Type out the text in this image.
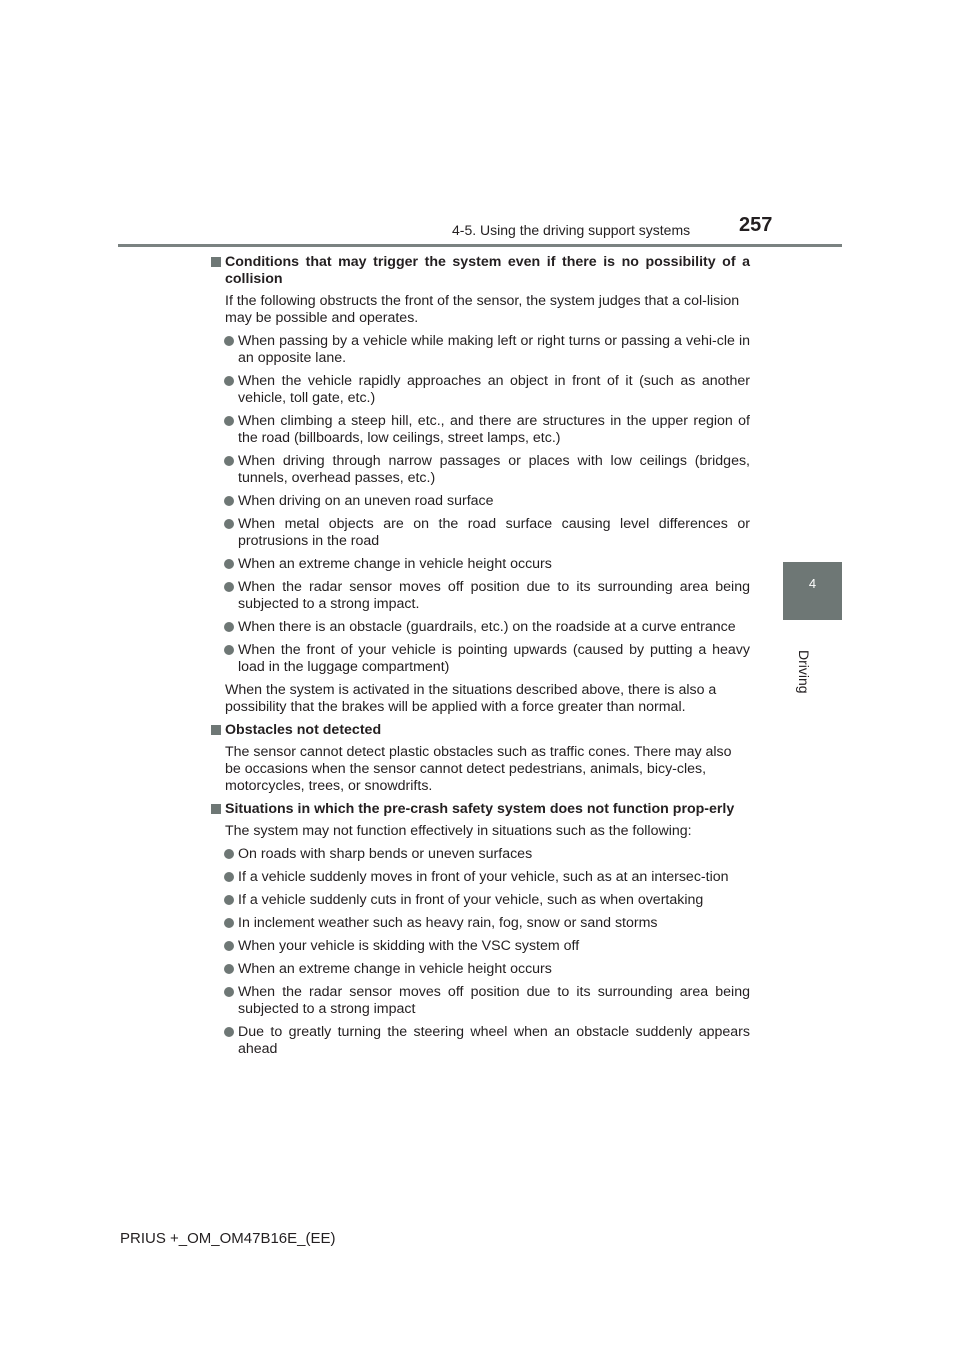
4-5. Using the driving support systems 257
4
Driving
Conditions that may trigger the system even if there is no possibility of a collision
If the following obstructs the front of the sensor, the system judges that a col-lision may be possible and operates.
When passing by a vehicle while making left or right turns or passing a vehi-cle in an opposite lane.
When the vehicle rapidly approaches an object in front of it (such as another vehicle, toll gate, etc.)
When climbing a steep hill, etc., and there are structures in the upper region of the road (billboards, low ceilings, street lamps, etc.)
When driving through narrow passages or places with low ceilings (bridges, tunnels, overhead passes, etc.)
When driving on an uneven road surface
When metal objects are on the road surface causing level differences or protrusions in the road
When an extreme change in vehicle height occurs
When the radar sensor moves off position due to its surrounding area being subjected to a strong impact.
When there is an obstacle (guardrails, etc.) on the roadside at a curve entrance
When the front of your vehicle is pointing upwards (caused by putting a heavy load in the luggage compartment)
When the system is activated in the situations described above, there is also a possibility that the brakes will be applied with a force greater than normal.
Obstacles not detected
The sensor cannot detect plastic obstacles such as traffic cones. There may also be occasions when the sensor cannot detect pedestrians, animals, bicy-cles, motorcycles, trees, or snowdrifts.
Situations in which the pre-crash safety system does not function prop-erly
The system may not function effectively in situations such as the following:
On roads with sharp bends or uneven surfaces
If a vehicle suddenly moves in front of your vehicle, such as at an intersec-tion
If a vehicle suddenly cuts in front of your vehicle, such as when overtaking
In inclement weather such as heavy rain, fog, snow or sand storms
When your vehicle is skidding with the VSC system off
When an extreme change in vehicle height occurs
When the radar sensor moves off position due to its surrounding area being subjected to a strong impact
Due to greatly turning the steering wheel when an obstacle suddenly appears ahead
PRIUS +_OM_OM47B16E_(EE)
